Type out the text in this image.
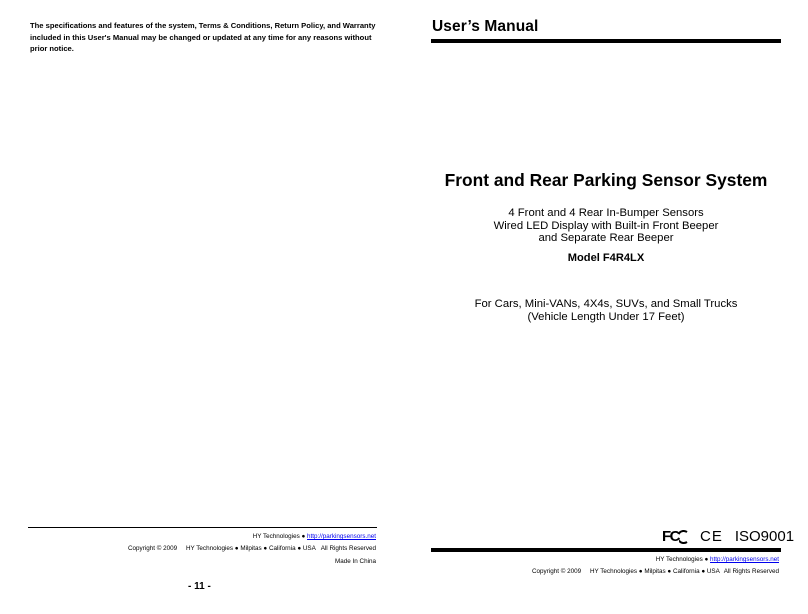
The specifications and features of the system, Terms & Conditions, Return Policy, and Warranty included in this User's Manual may be changed or updated at any time for any reasons without prior notice.
HY Technologies ● http://parkingsensors.net
Copyright © 2009 HY Technologies ● Milpitas ● California ● USA All Rights Reserved
Made In China
- 11 -
User’s Manual
Front and Rear Parking Sensor System
4 Front and 4 Rear In-Bumper Sensors
Wired LED Display with Built-in Front Beeper
and Separate Rear Beeper
Model F4R4LX
For Cars, Mini-VANs, 4X4s, SUVs, and Small Trucks
(Vehicle Length Under 17 Feet)
FC CE ISO9001
HY Technologies ● http://parkingsensors.net
Copyright © 2009 HY Technologies ● Milpitas ● California ● USA All Rights Reserved
